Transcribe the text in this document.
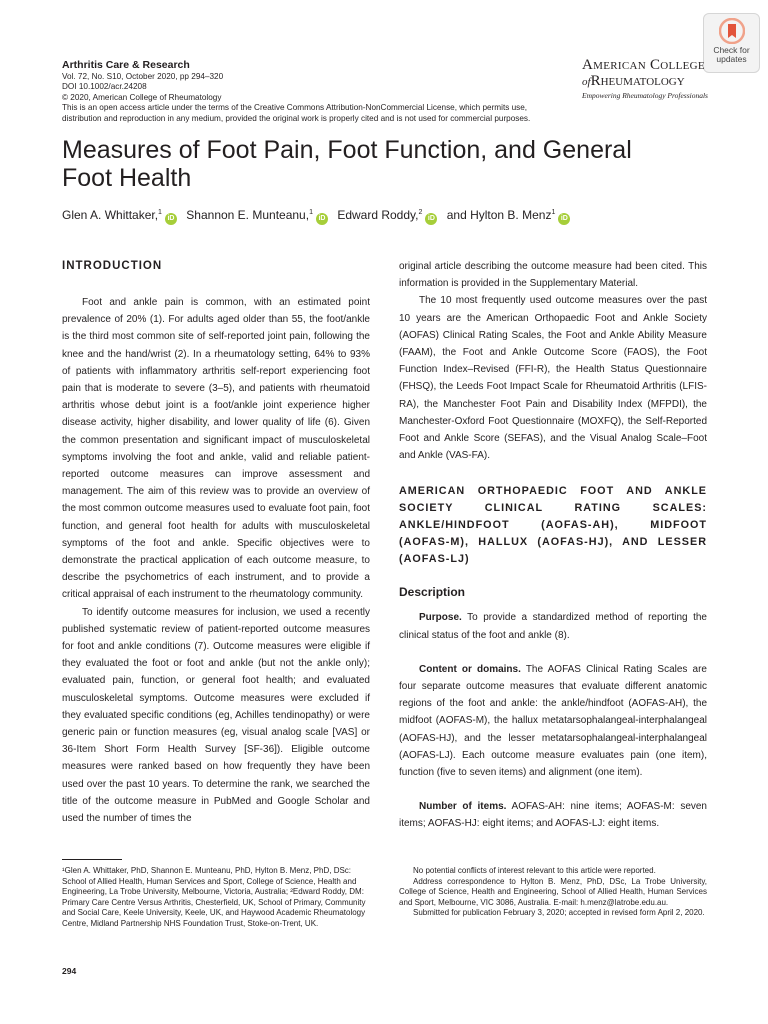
Arthritis Care & Research
Vol. 72, No. S10, October 2020, pp 294–320
DOI 10.1002/acr.24208
© 2020, American College of Rheumatology
This is an open access article under the terms of the Creative Commons Attribution-NonCommercial License, which permits use,
distribution and reproduction in any medium, provided the original work is properly cited and is not used for commercial purposes.
Check for
updates
American College
ofRheumatology
Empowering Rheumatology Professionals
Measures of Foot Pain, Foot Function, and General Foot Health
Glen A. Whittaker,$^1$iD Shannon E. Munteanu,$^1$iD Edward Roddy,$^2$iD and Hylton B. Menz$^1$iD
INTRODUCTION

Foot and ankle pain is common, with an estimated point prevalence of 20% (1). For adults aged older than 55, the foot/ankle is the third most common site of self-reported joint pain, following the knee and the hand/wrist (2). In a rheumatology setting, 64% to 93% of patients with inflammatory arthritis self-report experiencing foot pain that is moderate to severe (3–5), and patients with rheumatoid arthritis whose debut joint is a foot/ankle joint experience higher disease activity, higher disability, and lower quality of life (6). Given the common presentation and significant impact of musculoskeletal symptoms involving the foot and ankle, valid and reliable patient-reported outcome measures can improve assessment and management. The aim of this review was to provide an overview of the most common outcome measures used to evaluate foot pain, foot function, and general foot health for adults with musculoskeletal symptoms of the foot and ankle. Specific objectives were to demonstrate the practical application of each outcome measure, to describe the psychometrics of each instrument, and to provide a critical appraisal of each instrument to the rheumatology community.

To identify outcome measures for inclusion, we used a recently published systematic review of patient-reported outcome measures for foot and ankle conditions (7). Outcome measures were eligible if they evaluated the foot or foot and ankle (but not the ankle only); evaluated pain, function, or general foot health; and evaluated musculoskeletal symptoms. Outcome measures were excluded if they evaluated specific conditions (eg, Achilles tendinopathy) or were generic pain or function measures (eg, visual analog scale [VAS] or 36-Item Short Form Health Survey [SF-36]). Eligible outcome measures were ranked based on how frequently they have been used over the past 10 years. To determine the rank, we searched the title of the outcome measure in PubMed and Google Scholar and used the number of times the

original article describing the outcome measure had been cited. This information is provided in the Supplementary Material.

The 10 most frequently used outcome measures over the past 10 years are the American Orthopaedic Foot and Ankle Society (AOFAS) Clinical Rating Scales, the Foot and Ankle Ability Measure (FAAM), the Foot and Ankle Outcome Score (FAOS), the Foot Function Index–Revised (FFI-R), the Health Status Questionnaire (FHSQ), the Leeds Foot Impact Scale for Rheumatoid Arthritis (LFIS-RA), the Manchester Foot Pain and Disability Index (MFPDI), the Manchester-Oxford Foot Questionnaire (MOXFQ), the Self-Reported Foot and Ankle Score (SEFAS), and the Visual Analog Scale–Foot and Ankle (VAS-FA).

AMERICAN ORTHOPAEDIC FOOT AND ANKLE SOCIETY CLINICAL RATING SCALES: ANKLE/HINDFOOT (AOFAS-AH), MIDFOOT (AOFAS-M), HALLUX (AOFAS-HJ), AND LESSER (AOFAS-LJ)
Description

Purpose. To provide a standardized method of reporting the clinical status of the foot and ankle (8).

Content or domains. The AOFAS Clinical Rating Scales are four separate outcome measures that evaluate different anatomic regions of the foot and ankle: the ankle/hindfoot (AOFAS-AH), the midfoot (AOFAS-M), the hallux metatarsophalangeal-interphalangeal (AOFAS-HJ), and the lesser metatarsophalangeal-interphalangeal (AOFAS-LJ). Each outcome measure evaluates pain (one item), function (five to seven items) and alignment (one item).

Number of items. AOFAS-AH: nine items; AOFAS-M: seven items; AOFAS-HJ: eight items; and AOFAS-LJ: eight items.

¹Glen A. Whittaker, PhD, Shannon E. Munteanu, PhD, Hylton B. Menz, PhD, DSc: School of Allied Health, Human Services and Sport, College of Science, Health and Engineering, La Trobe University, Melbourne, Victoria, Australia; ²Edward Roddy, DM: Primary Care Centre Versus Arthritis, Chesterfield, UK, School of Primary, Community and Social Care, Keele University, Keele, UK, and Haywood Academic Rheumatology Centre, Midland Partnership NHS Foundation Trust, Stoke-on-Trent, UK.

No potential conflicts of interest relevant to this article were reported.

Address correspondence to Hylton B. Menz, PhD, DSc, La Trobe University, College of Science, Health and Engineering, School of Allied Health, Human Services and Sport, Melbourne, VIC 3086, Australia. E-mail: h.menz@latrobe.edu.au.

Submitted for publication February 3, 2020; accepted in revised form April 2, 2020.

294
